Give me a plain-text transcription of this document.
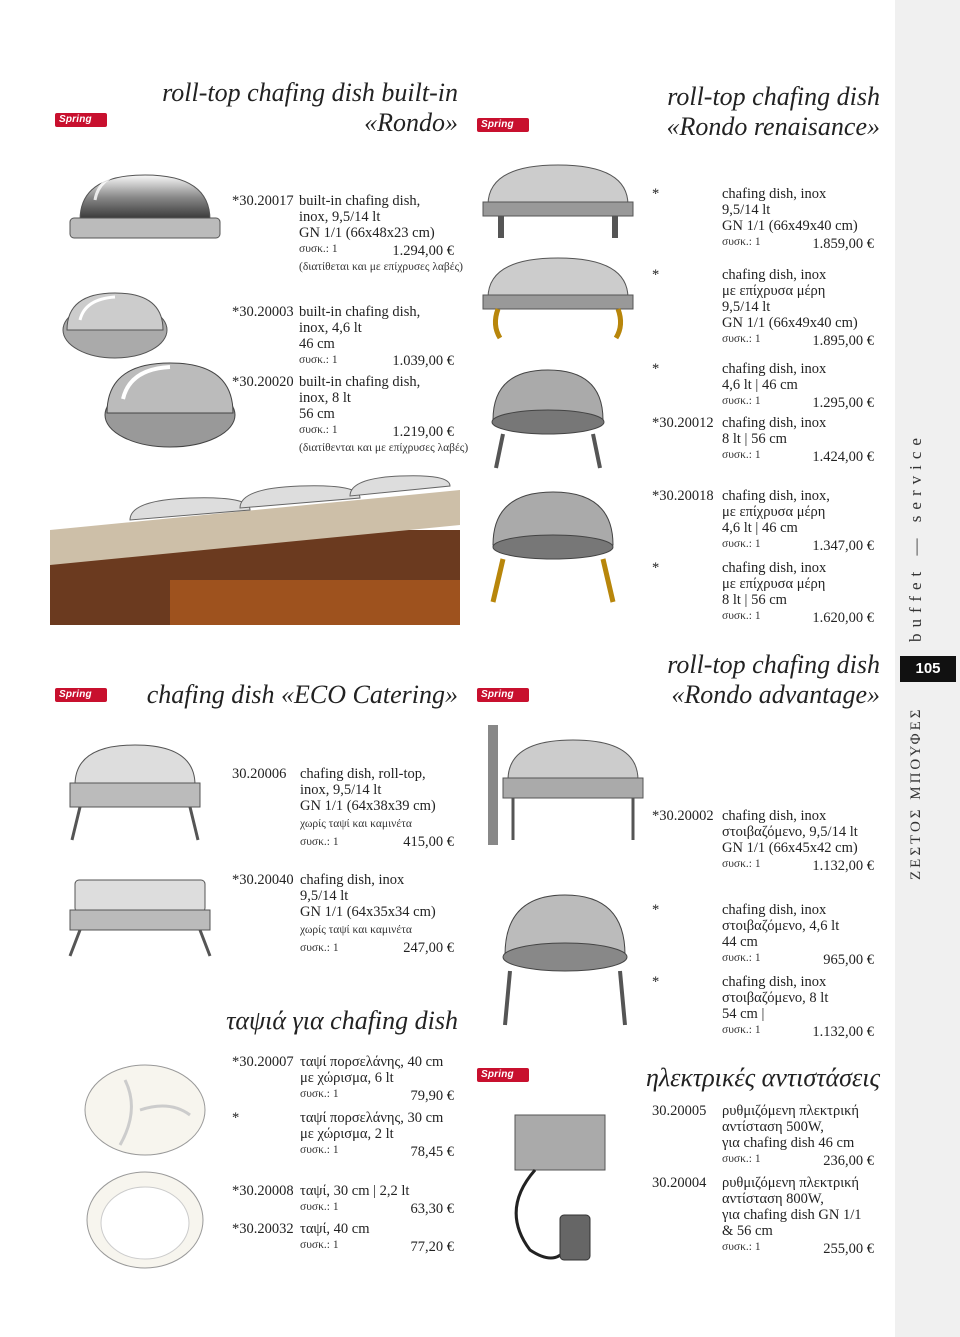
buffet — service
105
ΖΕΣΤΟΣ ΜΠΟΥΦΕΣ
Spring	Spring
Spring	Spring
Spring
roll-top chafing dish built-in
«Rondo»
roll-top chafing dish
«Rondo renaisance»
chafing dish «ECO Catering»
roll-top chafing dish
«Rondo advantage»
ταψιά για chafing dish
ηλεκτρικές αντιστάσεις
*30.20017 built-in chafing dish,
inox, 9,5/14 lt
GN 1/1 (66x48x23 cm)
συσκ.: 1
(διατίθεται και με επίχρυσες λαβές)
1.294,00 €
*30.20003 built-in chafing dish,
inox, 4,6 lt
46 cm
συσκ.: 1	1.039,00 €
*30.20020 built-in chafing dish,
inox, 8 lt
56 cm
συσκ.: 1
(διατίθενται και με επίχρυσες λαβές)
1.219,00 €
*	chafing dish, inox
9,5/14 lt
GN 1/1 (66x49x40 cm)
συσκ.: 1	1.859,00 €
*	chafing dish, inox
με επίχρυσα μέρη
9,5/14 lt
GN 1/1 (66x49x40 cm)
συσκ.: 1	1.895,00 €
*	chafing dish, inox
4,6 lt | 46 cm
συσκ.: 1	1.295,00 €
*30.20012 chafing dish, inox
8 lt | 56 cm
συσκ.: 1	1.424,00 €
*30.20018 chafing dish, inox,
με επίχρυσα μέρη
4,6 lt | 46 cm
συσκ.: 1	1.347,00 €
*	chafing dish, inox
με επίχρυσα μέρη
8 lt | 56 cm
συσκ.: 1	1.620,00 €
30.20006 chafing dish, roll-top,
inox, 9,5/14 lt
GN 1/1 (64x38x39 cm)
χωρίς ταψί και καμινέτα
συσκ.: 1	415,00 €
*30.20040 chafing dish, inox
9,5/14 lt
GN 1/1 (64x35x34 cm)
χωρίς ταψί και καμινέτα
συσκ.: 1	247,00 €
*30.20002 chafing dish, inox
στοιβαζόμενο, 9,5/14 lt
GN 1/1 (66x45x42 cm)
συσκ.: 1	1.132,00 €
*	chafing dish, inox
στοιβαζόμενο, 4,6 lt
44 cm
συσκ.: 1	965,00 €
*	chafing dish, inox
στοιβαζόμενο, 8 lt
54 cm |
συσκ.: 1	1.132,00 €
*30.20007 ταψί πορσελάνης, 40 cm
με χώρισμα, 6 lt
συσκ.: 1	79,90 €
*	ταψί πορσελάνης, 30 cm
με χώρισμα, 2 lt
συσκ.: 1	78,45 €
*30.20008 ταψί, 30 cm | 2,2 lt
συσκ.: 1	63,30 €
*30.20032 ταψί, 40 cm
συσκ.: 1	77,20 €
30.20005 ρυθμιζόμενη πλεκτρική
αντίσταση 500W,
για chafing dish 46 cm
συσκ.: 1	236,00 €
30.20004 ρυθμιζόμενη πλεκτρική
αντίσταση 800W,
για chafing dish GN 1/1
& 56 cm
συσκ.: 1	255,00 €
